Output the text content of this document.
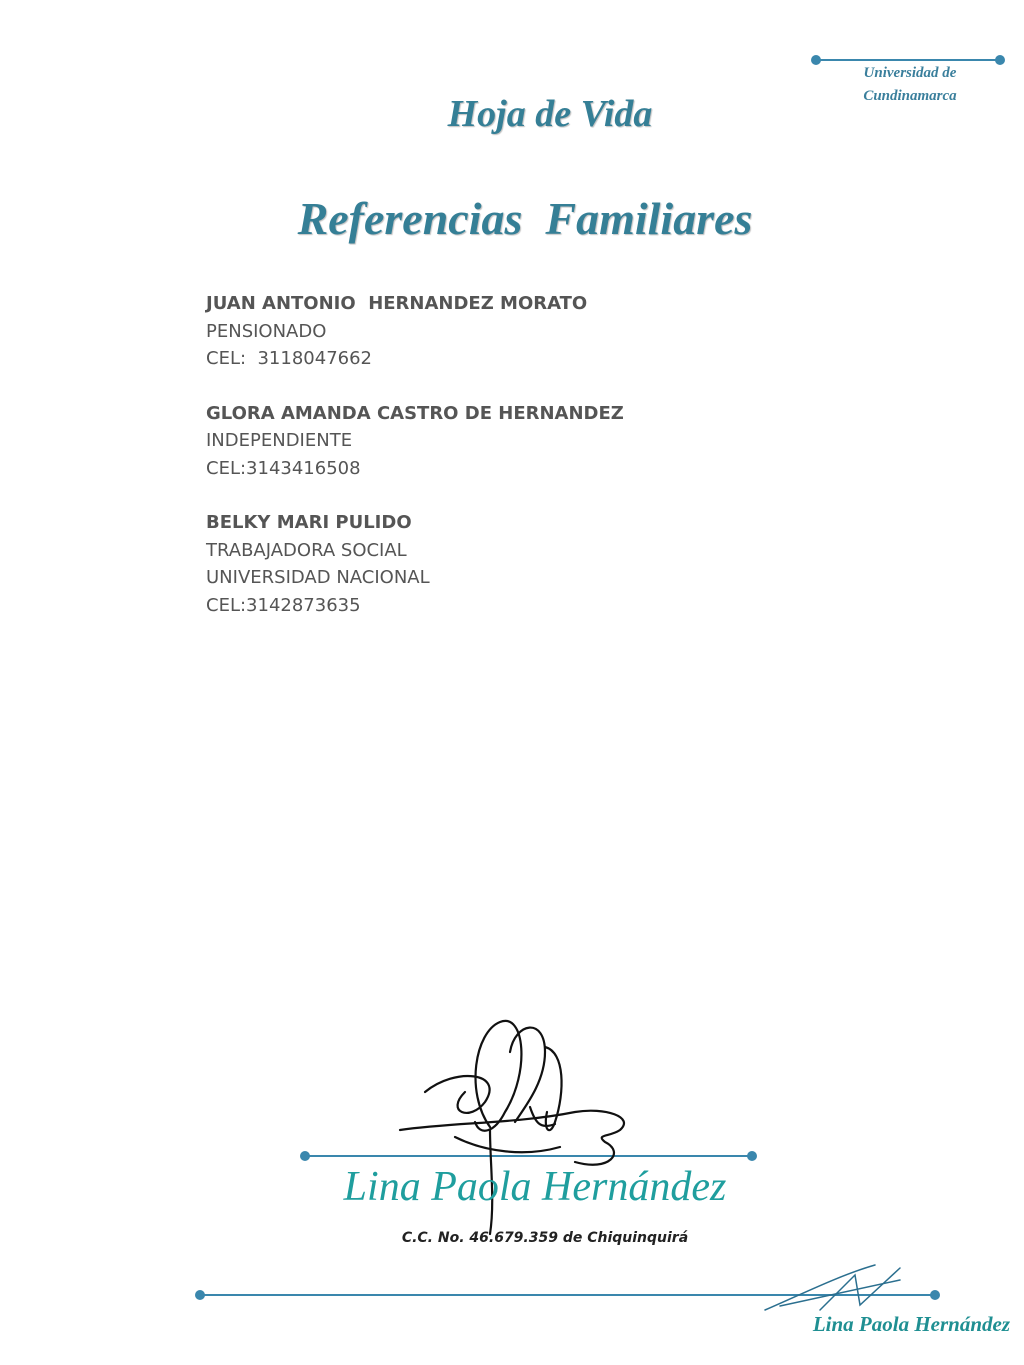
Universidad de
Cundinamarca
Hoja de Vida
Referencias  Familiares
JUAN ANTONIO  HERNANDEZ MORATO
PENSIONADO
CEL:  3118047662
GLORA AMANDA CASTRO DE HERNANDEZ
INDEPENDIENTE
CEL:3143416508
BELKY MARI PULIDO
TRABAJADORA SOCIAL
UNIVERSIDAD NACIONAL
CEL:3142873635
Lina Paola Hernández
C.C. No. 46.679.359 de Chiquinquirá
Lina Paola Hernández
